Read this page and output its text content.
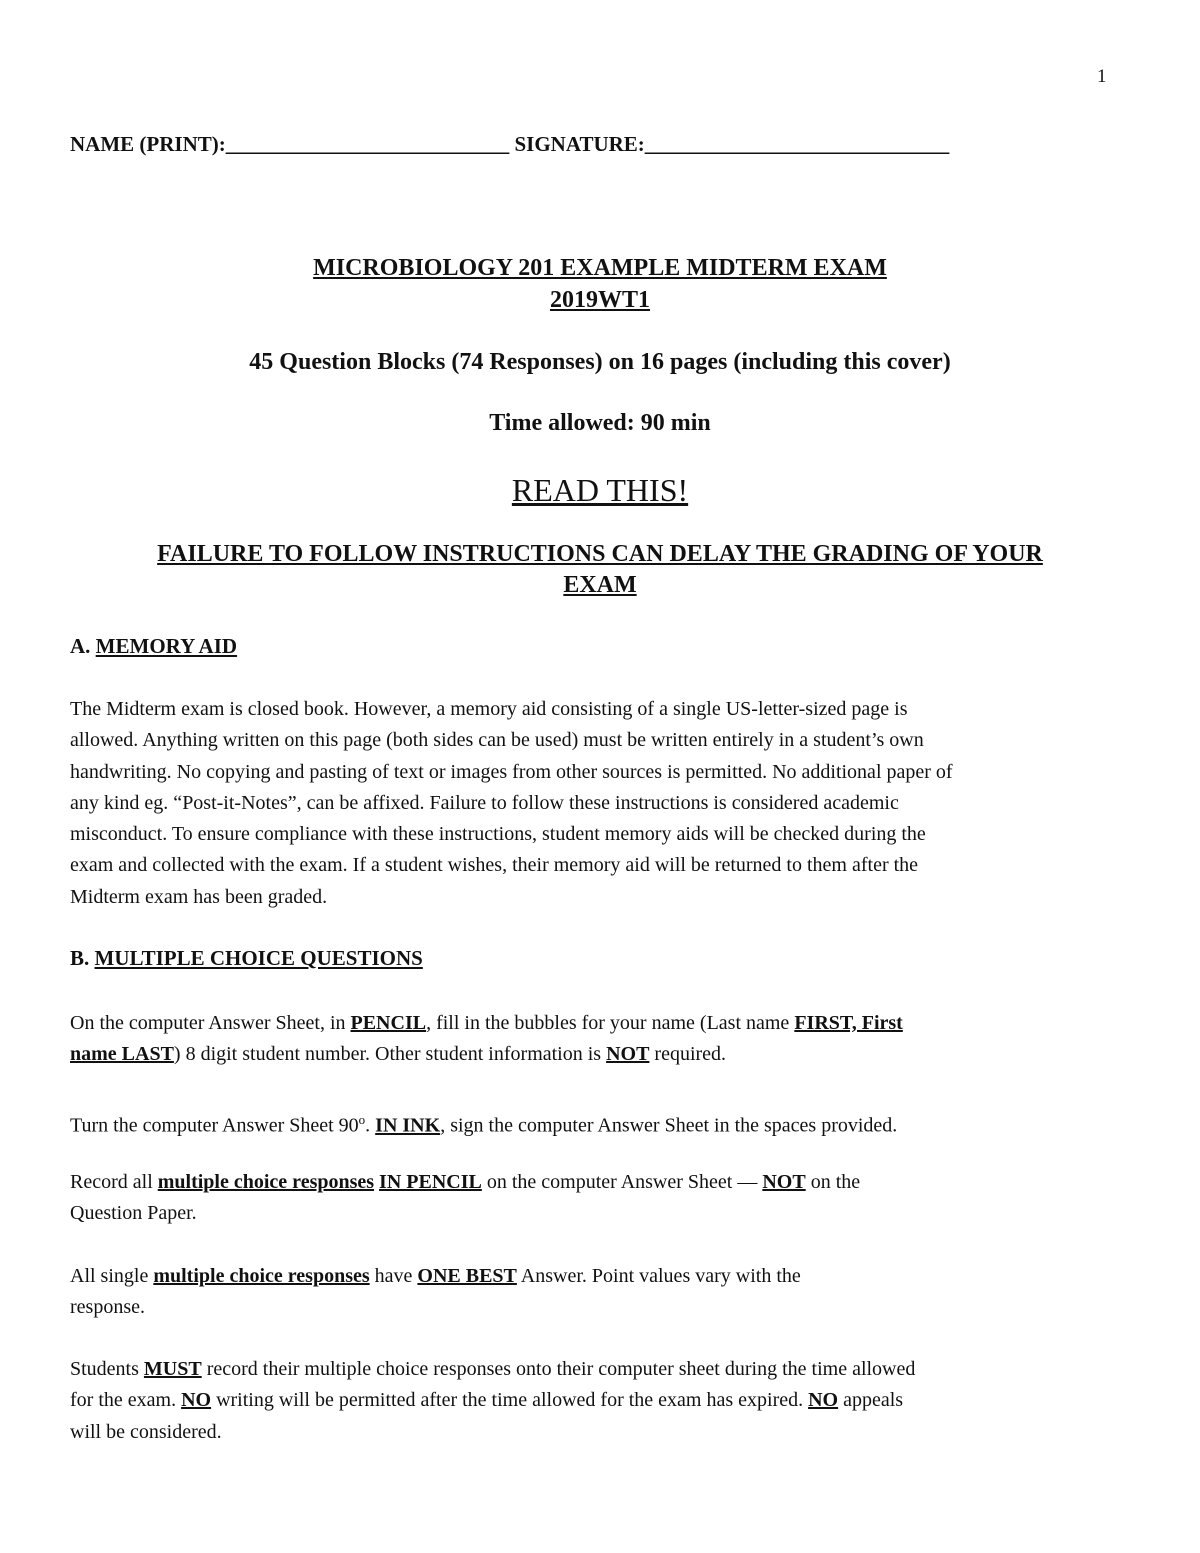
1
NAME (PRINT):___________________________ SIGNATURE:_____________________________
MICROBIOLOGY 201 EXAMPLE MIDTERM EXAM
2019WT1
45 Question Blocks (74 Responses) on 16 pages (including this cover)
Time allowed: 90 min
READ THIS!
FAILURE TO FOLLOW INSTRUCTIONS CAN DELAY THE GRADING OF YOUR
EXAM
A. MEMORY AID
The Midterm exam is closed book. However, a memory aid consisting of a single US-letter-sized page is
allowed. Anything written on this page (both sides can be used) must be written entirely in a student’s own
handwriting. No copying and pasting of text or images from other sources is permitted. No additional paper of
any kind eg. “Post-it-Notes”, can be affixed. Failure to follow these instructions is considered academic
misconduct. To ensure compliance with these instructions, student memory aids will be checked during the
exam and collected with the exam. If a student wishes, their memory aid will be returned to them after the
Midterm exam has been graded.
B. MULTIPLE CHOICE QUESTIONS
On the computer Answer Sheet, in PENCIL, fill in the bubbles for your name (Last name FIRST, First
name LAST) 8 digit student number. Other student information is NOT required.
Turn the computer Answer Sheet 90$^o$. IN INK, sign the computer Answer Sheet in the spaces provided.
Record all multiple choice responses IN PENCIL on the computer Answer Sheet — NOT on the
Question Paper.
All single multiple choice responses have ONE BEST Answer. Point values vary with the
response.
Students MUST record their multiple choice responses onto their computer sheet during the time allowed
for the exam. NO writing will be permitted after the time allowed for the exam has expired. NO appeals
will be considered.
